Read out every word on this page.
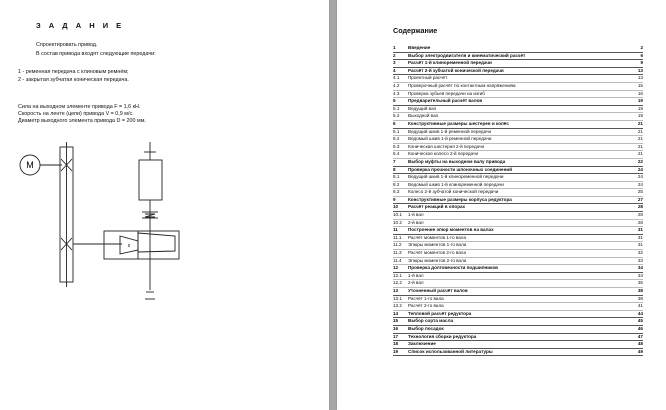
З А Д А Н И Е
Спроектировать привод.
В состав привода входят следующие передачи:
1 - ременная передача с клиновым ремнём;
2 - закрытая зубчатая коническая передача.
Сила на выходном элементе привода F = 1,6 кН.
Скорость на ленте (цепи) привода V = 0,9 м/с.
Диаметр выходного элемента привода D = 200 мм.
M
x
Содержание
1	Введение	2
2	Выбор электродвигателя и кинематический расчёт	6
3	Расчёт 1-й клиноременной передачи	9
4	Расчёт 2-й зубчатой конической передачи	13
4.1 Проектный расчёт	13
4.2 Проверочный расчёт по контактным напряжениям	15
4.3 Проверка зубьев передачи на изгиб	16
5	Предварительный расчёт валов	19
5.1 Ведущий вал	19
5.2 Выходной вал	19
6	Конструктивные размеры шестерен и колёс	21
6.1 Ведущий шкив 1-й ременной передачи	21
6.2 Ведомый шкив 1-й ременной передачи	21
6.3 Коническая шестерня 2-й передачи	21
6.4 Коническое колесо 2-й передачи	21
7	Выбор муфты на выходном валу привода	22
8	Проверка прочности шпоночных соединений	24
8.1 Ведущий шкив 1-й клиноременной передачи	24
8.2 Ведомый шкив 1-й клиноременной передачи	24
8.3 Колесо 2-й зубчатой конической передачи	25
9	Конструктивные размеры корпуса редуктора	27
10 Расчёт реакций в опорах	28
10.1 1-й вал	28
10.2 2-й вал	28
11 Построение эпюр моментов на валах	31
11.1 Расчёт моментов 1-го вала	31
11.2 Эпюры моментов 1-го вала	31
11.3 Расчёт моментов 2-го вала	32
11.4 Эпюры моментов 2-го вала	33
12 Проверка долговечности подшипников	34
12.1 1-й вал	34
12.2 2-й вал	35
13 Уточненный расчёт валов	38
13.1 Расчёт 1-го вала	38
13.2 Расчёт 2-го вала	41
14 Тепловой расчёт редуктора	44
15 Выбор сорта масла	45
16 Выбор посадок	46
17 Технология сборки редуктора	47
18 Заключение	48
19 Список использованной литературы	49
